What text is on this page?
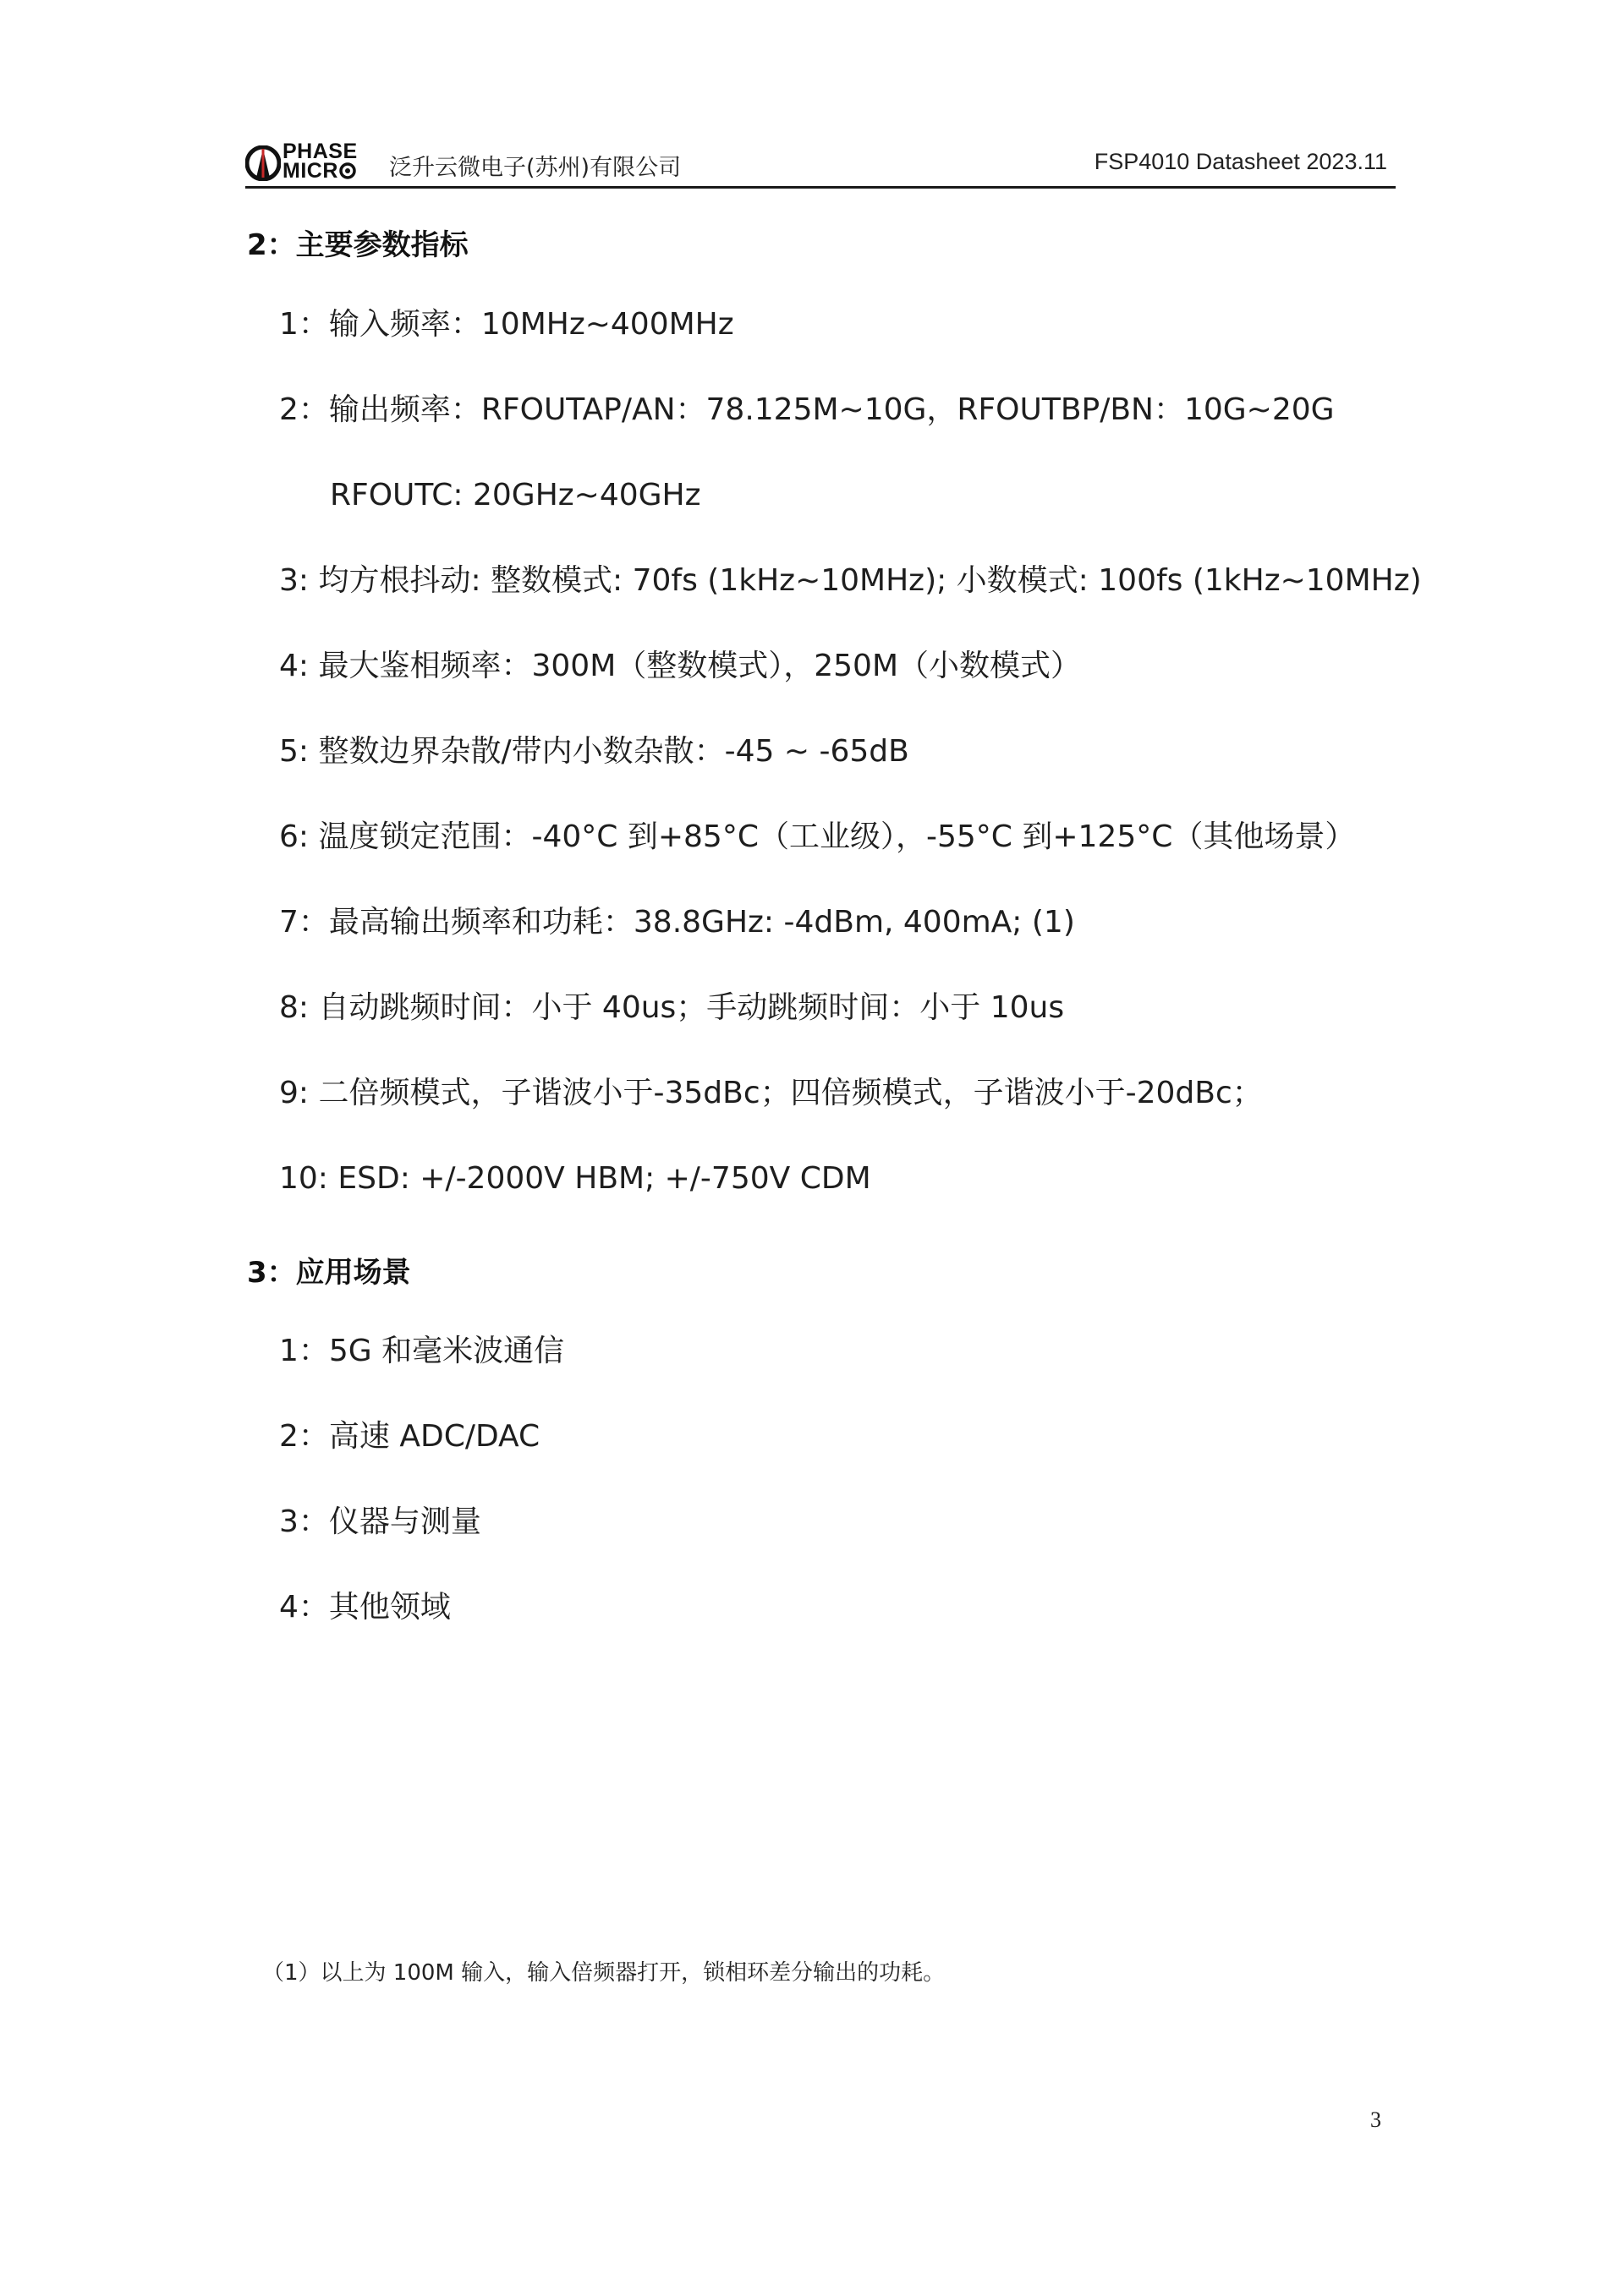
PHASE
MICR	泛升云微电子(苏州)有限公司	FSP4010 Datasheet 2023.11
2：主要参数指标
1：输入频率：10MHz~400MHz
2：输出频率：RFOUTAP/AN：78.125M~10G，RFOUTBP/BN：10G~20G
RFOUTC: 20GHz~40GHz
3: 均方根抖动: 整数模式: 70fs (1kHz~10MHz); 小数模式: 100fs (1kHz~10MHz)
4: 最大鉴相频率：300M（整数模式），250M（小数模式）
5: 整数边界杂散/带内小数杂散：-45 ~ -65dB
6: 温度锁定范围：-40°C 到+85°C（工业级），-55°C 到+125°C（其他场景）
7：最高输出频率和功耗：38.8GHz: -4dBm, 400mA; (1)
8: 自动跳频时间：小于 40us；手动跳频时间：小于 10us
9: 二倍频模式，子谐波小于-35dBc；四倍频模式，子谐波小于-20dBc；
10: ESD: +/-2000V HBM; +/-750V CDM
3：应用场景
1：5G 和毫米波通信
2：高速 ADC/DAC
3：仪器与测量
4：其他领域
（1）以上为 100M 输入，输入倍频器打开，锁相环差分输出的功耗。
3
